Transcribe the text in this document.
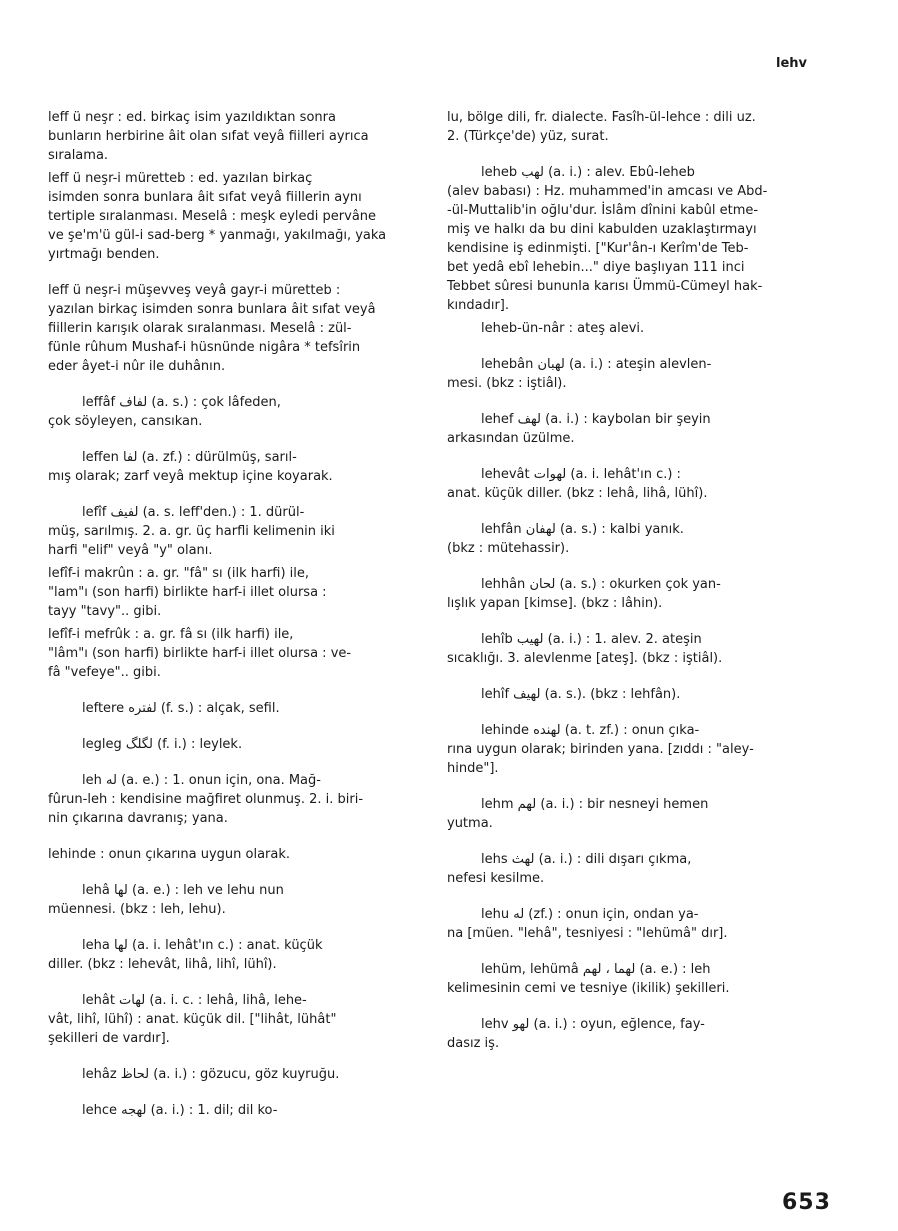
lehv
leff ü neşr : ed. birkaç isim yazıldıktan sonra
bunların herbirine âit olan sıfat veyâ fiilleri ayrıca
sıralama.
leff ü neşr-i müretteb : ed. yazılan birkaç
isimden sonra bunlara âit sıfat veyâ fiillerin aynı
tertiple sıralanması. Meselâ : meşk eyledi pervâne
ve şe'm'ü gül-i sad-berg * yanmağı, yakılmağı, yaka
yırtmağı benden.
leff ü neşr-i müşevveş veyâ gayr-i müretteb :
yazılan birkaç isimden sonra bunlara âit sıfat veyâ
fiillerin karışık olarak sıralanması. Meselâ : zül-
fünle rûhum Mushaf-i hüsnünde nigâra * tefsîrin
eder âyet-i nûr ile duhânın.
leffâf لفاف (a. s.) : çok lâfeden,
çok söyleyen, cansıkan.
leffen لفا (a. zf.) : dürülmüş, sarıl-
mış olarak; zarf veyâ mektup içine koyarak.
lefîf لفيف (a. s. leff'den.) : 1. dürül-
müş, sarılmış. 2. a. gr. üç harfli kelimenin iki
harfi "elif" veyâ "y" olanı.
lefîf-i makrûn : a. gr. "fâ" sı (ilk harfi) ile,
"lam"ı (son harfi) birlikte harf-i illet olursa :
tayy "tavy".. gibi.
lefîf-i mefrûk : a. gr. fâ sı (ilk harfi) ile,
"lâm"ı (son harfi) birlikte harf-i illet olursa : ve-
fâ "vefeye".. gibi.
leftere لفتره (f. s.) : alçak, sefil.
legleg لگلگ (f. i.) : leylek.
leh له (a. e.) : 1. onun için, ona. Mağ-
fûrun-leh : kendisine mağfiret olunmuş. 2. i. biri-
nin çıkarına davranış; yana.
lehinde : onun çıkarına uygun olarak.
lehâ لها (a. e.) : leh ve lehu nun
müennesi. (bkz : leh, lehu).
leha لها (a. i. lehât'ın c.) : anat. küçük
diller. (bkz : lehevât, lihâ, lihî, lühî).
lehât لهات (a. i. c. : lehâ, lihâ, lehe-
vât, lihî, lühî) : anat. küçük dil. ["lihât, lühât"
şekilleri de vardır].
lehâz لحاظ (a. i.) : gözucu, göz kuyruğu.
lehce لهجه (a. i.) : 1. dil; dil ko-
lu, bölge dili, fr. dialecte. Fasîh-ül-lehce : dili uz.
2. (Türkçe'de) yüz, surat.
leheb لهب (a. i.) : alev. Ebû-leheb
(alev babası) : Hz. muhammed'in amcası ve Abd-
-ül-Muttalib'in oğlu'dur. İslâm dînini kabûl etme-
miş ve halkı da bu dini kabulden uzaklaştırmayı
kendisine iş edinmişti. ["Kur'ân-ı Kerîm'de Teb-
bet yedâ ebî lehebin..." diye başlıyan 111 inci
Tebbet sûresi bununla karısı Ümmü-Cümeyl hak-
kındadır].
leheb-ün-nâr : ateş alevi.
lehebân لهبان (a. i.) : ateşin alevlen-
mesi. (bkz : iştiâl).
lehef لهف (a. i.) : kaybolan bir şeyin
arkasından üzülme.
lehevât لهوات (a. i. lehât'ın c.) :
anat. küçük diller. (bkz : lehâ, lihâ, lühî).
lehfân لهفان (a. s.) : kalbi yanık.
(bkz : mütehassir).
lehhân لحان (a. s.) : okurken çok yan-
lışlık yapan [kimse]. (bkz : lâhin).
lehîb لهيب (a. i.) : 1. alev. 2. ateşin
sıcaklığı. 3. alevlenme [ateş]. (bkz : iştiâl).
lehîf لهيف (a. s.). (bkz : lehfân).
lehinde لهنده (a. t. zf.) : onun çıka-
rına uygun olarak; birinden yana. [zıddı : "aley-
hinde"].
lehm لهم (a. i.) : bir nesneyi hemen
yutma.
lehs لهث (a. i.) : dili dışarı çıkma,
nefesi kesilme.
lehu له (zf.) : onun için, ondan ya-
na [müen. "lehâ", tesniyesi : "lehümâ" dır].
lehüm, lehümâ لهما ، لهم (a. e.) : leh
kelimesinin cemi ve tesniye (ikilik) şekilleri.
lehv لهو (a. i.) : oyun, eğlence, fay-
dasız iş.
653
